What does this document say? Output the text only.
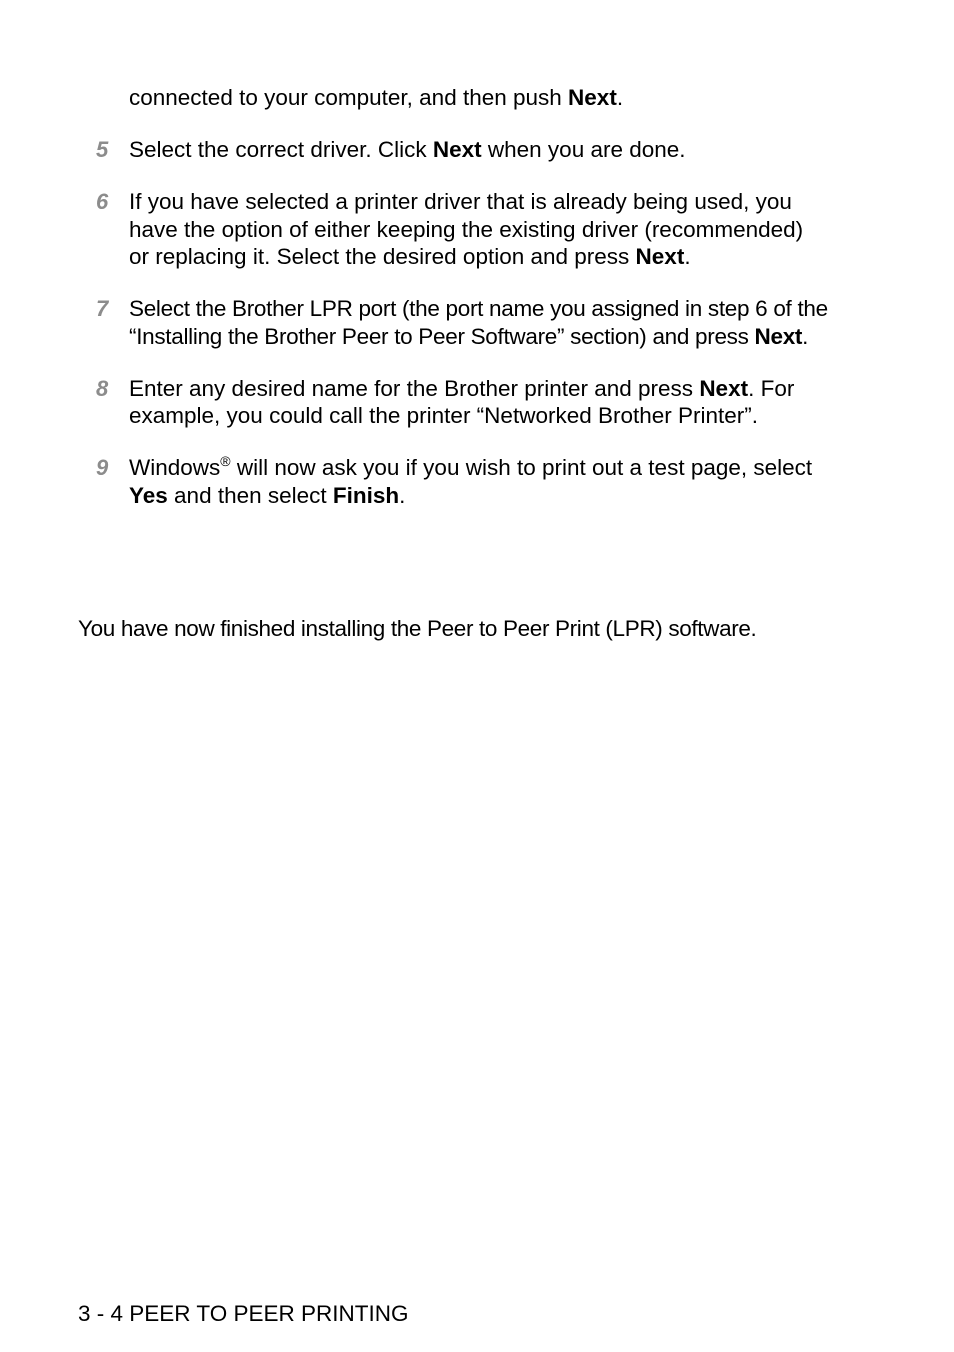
connected to your computer, and then push Next.

5 Select the correct driver. Click Next when you are done.
6 If you have selected a printer driver that is already being used, you have the option of either keeping the existing driver (recommended) or replacing it. Select the desired option and press Next.
7 Select the Brother LPR port (the port name you assigned in step 6 of the “Installing the Brother Peer to Peer Software” section) and press Next.
8 Enter any desired name for the Brother printer and press Next. For example, you could call the printer “Networked Brother Printer”.
9 Windows® will now ask you if you wish to print out a test page, select Yes and then select Finish.

You have now finished installing the Peer to Peer Print (LPR) software.

3 - 4 PEER TO PEER PRINTING
